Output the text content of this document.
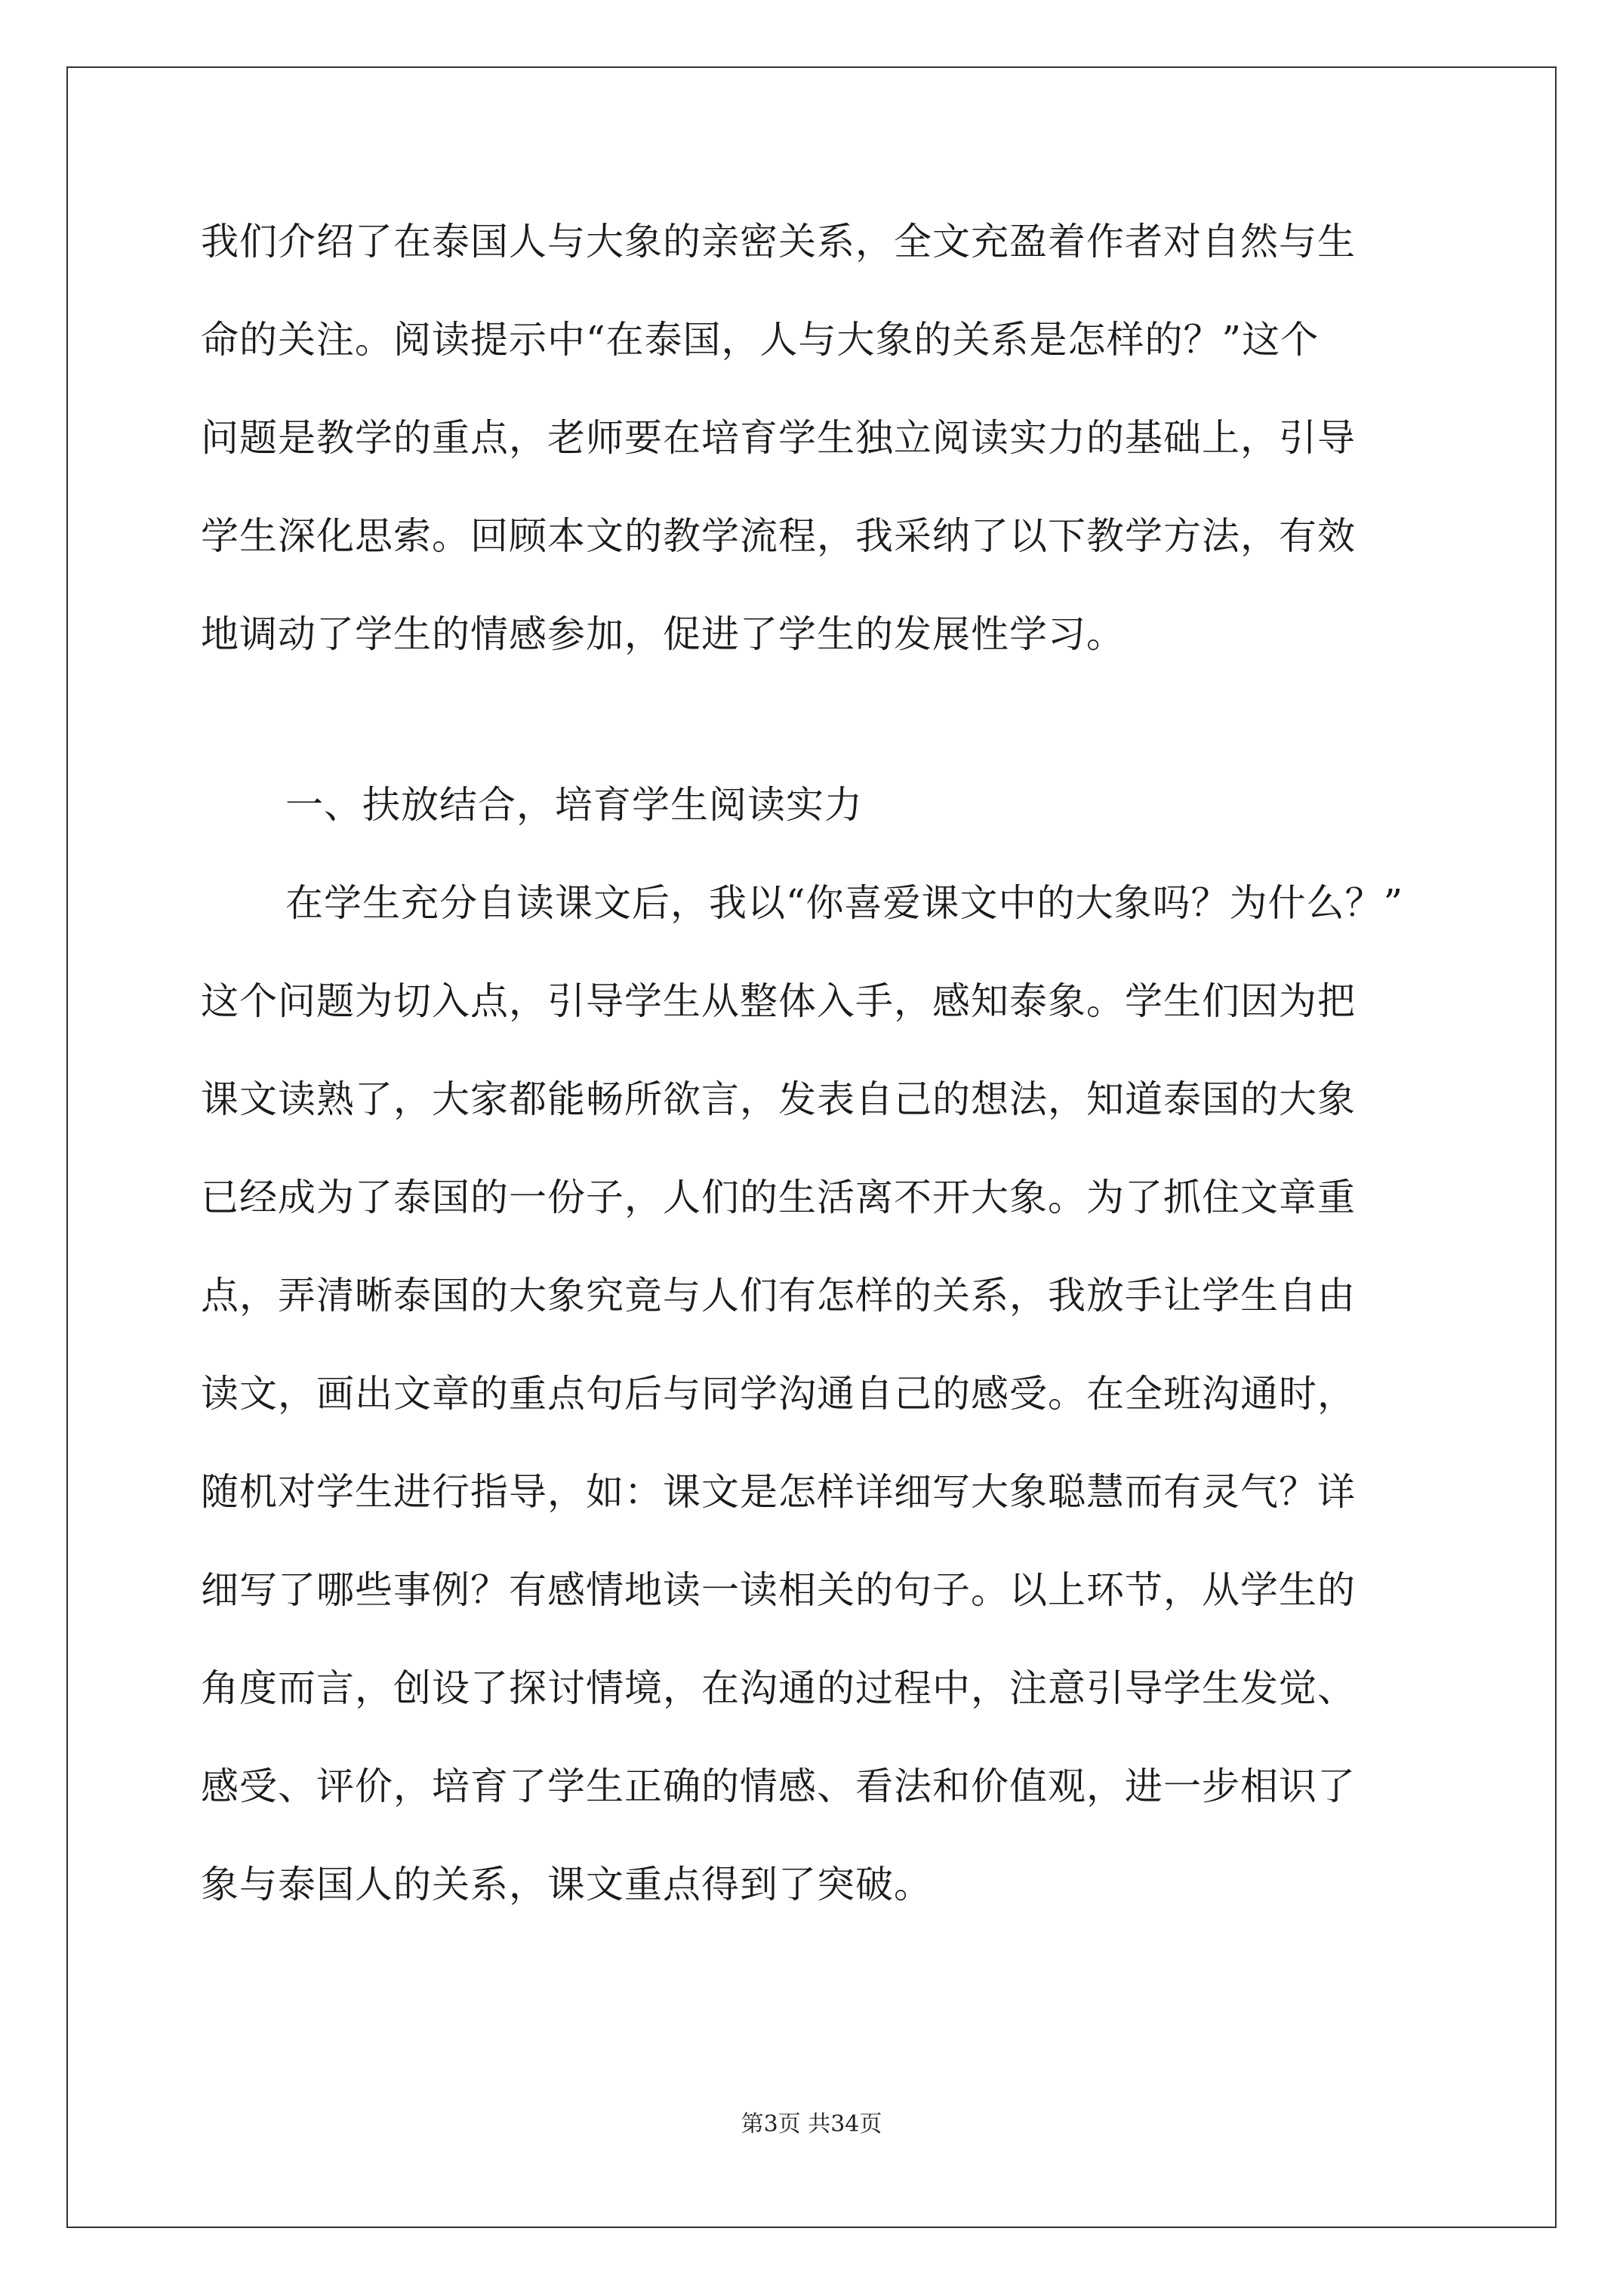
我们介绍了在泰国人与大象的亲密关系，全文充盈着作者对自然与生
命的关注。阅读提示中“在泰国，人与大象的关系是怎样的？”这个
问题是教学的重点，老师要在培育学生独立阅读实力的基础上，引导
学生深化思索。回顾本文的教学流程，我采纳了以下教学方法，有效
地调动了学生的情感参加，促进了学生的发展性学习。
一、扶放结合，培育学生阅读实力
在学生充分自读课文后，我以“你喜爱课文中的大象吗？为什么？”
这个问题为切入点，引导学生从整体入手，感知泰象。学生们因为把
课文读熟了，大家都能畅所欲言，发表自己的想法，知道泰国的大象
已经成为了泰国的一份子，人们的生活离不开大象。为了抓住文章重
点，弄清晰泰国的大象究竟与人们有怎样的关系，我放手让学生自由
读文，画出文章的重点句后与同学沟通自己的感受。在全班沟通时，
随机对学生进行指导，如：课文是怎样详细写大象聪慧而有灵气？详
细写了哪些事例？有感情地读一读相关的句子。以上环节，从学生的
角度而言，创设了探讨情境，在沟通的过程中，注意引导学生发觉、
感受、评价，培育了学生正确的情感、看法和价值观，进一步相识了
象与泰国人的关系，课文重点得到了突破。
第3页 共34页
